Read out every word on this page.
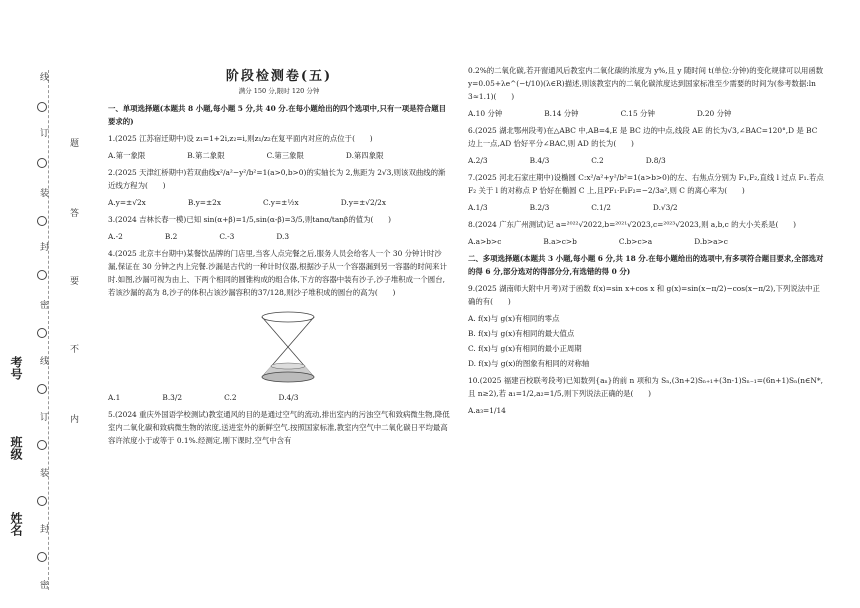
线
题
订
装
答
封
要
密
不
线
订 内
装
封
密
考号
班级
姓名
阶段检测卷(五)
满分 150 分,限时 120 分钟
一、单项选择题(本题共 8 小题,每小题 5 分,共 40 分.在每小题给出的四个选项中,只有一项是符合题目要求的)
1.(2025 江苏宿迁期中)设 z₁=1+2i,z₂=i,则z₁/z₂在复平面内对应的点位于(　　)
A.第一象限	B.第二象限	C.第三象限	D.第四象限
2.(2025 天津红桥期中)若双曲线x²/a²−y²/b²=1(a>0,b>0)的实轴长为 2,焦距为 2√3,则该双曲线的渐近线方程为(　　)
A.y=±√2x	B.y=±2x	C.y=±½x	D.y=±√2/2x
3.(2024 吉林长春一模)已知 sin(α+β)=1/5,sin(α-β)=3/5,则tanα/tanβ的值为(　　)
A.-2	B.2	C.-3	D.3
4.(2025 北京丰台期中)某餐饮品牌的门店里,当客人点完餐之后,服务人员会给客人一个 30 分钟计时沙漏,保证在 30 分钟之内上完餐.沙漏是古代的一种计时仪器,根据沙子从一个容器漏到另一容器的时间来计时.如图,沙漏可视为由上、下两个相同的圆锥构成的组合体,下方的容器中装有沙子,沙子堆积成一个圆台,若该沙漏的高为 8,沙子的体积占该沙漏容积的37/128,则沙子堆积成的圆台的高为(　　)
A.1	B.3/2	C.2	D.4/3
5.(2024 重庆外国语学校测试)教室通风的目的是通过空气的流动,排出室内的污浊空气和致病微生物,降低室内二氧化碳和致病微生物的浓度,送进室外的新鲜空气.按照国家标准,教室内空气中二氧化碳日平均最高容许浓度小于或等于 0.1%.经测定,刚下课时,空气中含有
0.2%的二氧化碳,若开窗通风后教室内二氧化碳的浓度为 y%,且 y 随时间 t(单位:分钟)的变化规律可以用函数 y=0.05+λe^(−t/10)(λ∈R)描述,则该教室内的二氧化碳浓度达到国家标准至少需要的时间为(参考数据:ln 3≈1.1)(　　)
A.10 分钟	B.14 分钟	C.15 分钟	D.20 分钟
6.(2025 湖北鄂州段考)在△ABC 中,AB=4,E 是 BC 边的中点,线段 AE 的长为√3,∠BAC=120°,D 是 BC 边上一点,AD 恰好平分∠BAC,则 AD 的长为(　　)
A.2/3	B.4/3	C.2	D.8/3
7.(2025 河北石家庄期中)设椭圆 C:x²/a²+y²/b²=1(a>b>0)的左、右焦点分别为 F₁,F₂,直线 l 过点 F₁.若点 F₂ 关于 l 的对称点 P 恰好在椭圆 C 上,且PF₁·F₁F₂=−2/3a²,则 C 的离心率为(　　)
A.1/3	B.2/3	C.1/2	D.√3/2
8.(2024 广东广州测试)记 a=²⁰²²√2022,b=²⁰²¹√2023,c=²⁰²³√2023,则 a,b,c 的大小关系是(　　)
A.a>b>c	B.a>c>b	C.b>c>a	D.b>a>c
二、多项选择题(本题共 3 小题,每小题 6 分,共 18 分.在每小题给出的选项中,有多项符合题目要求,全部选对的得 6 分,部分选对的得部分分,有选错的得 0 分)
9.(2025 湖南师大附中月考)对于函数 f(x)=sin x+cos x 和 g(x)=sin(x−π/2)−cos(x−π/2),下列说法中正确的有(　　)
A. f(x)与 g(x)有相同的零点
B. f(x)与 g(x)有相同的最大值点
C. f(x)与 g(x)有相同的最小正周期
D. f(x)与 g(x)的图象有相同的对称轴
10.(2025 福建百校联考段考)已知数列{aₙ}的前 n 项和为 Sₙ,(3n+2)Sₙ₊₁+(3n-1)Sₙ₋₁=(6n+1)Sₙ(n∈N*,且 n≥2),若 a₁=1/2,a₂=1/5,则下列说法正确的是(　　)
A.a₃=1/14
